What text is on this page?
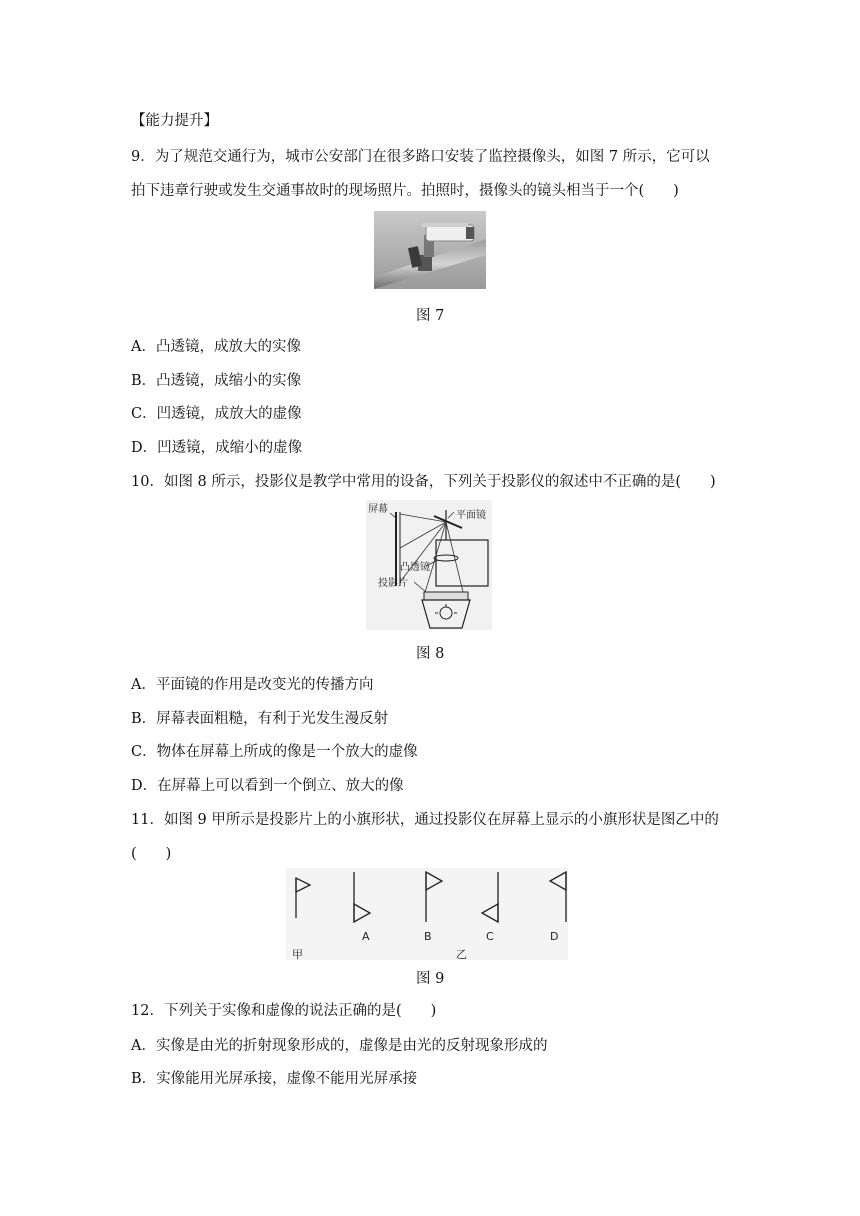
【能力提升】
9．为了规范交通行为，城市公安部门在很多路口安装了监控摄像头，如图 7 所示，它可以
拍下违章行驶或发生交通事故时的现场照片。拍照时，摄像头的镜头相当于一个(　　)
图 7
A．凸透镜，成放大的实像
B．凸透镜，成缩小的实像
C．凹透镜，成放大的虚像
D．凹透镜，成缩小的虚像
10．如图 8 所示，投影仪是教学中常用的设备，下列关于投影仪的叙述中不正确的是(　　)
屏幕
平面镜
凸透镜
投影片
图 8
A．平面镜的作用是改变光的传播方向
B．屏幕表面粗糙，有利于光发生漫反射
C．物体在屏幕上所成的像是一个放大的虚像
D．在屏幕上可以看到一个倒立、放大的像
11．如图 9 甲所示是投影片上的小旗形状，通过投影仪在屏幕上显示的小旗形状是图乙中的
(　　)
A	B	C	D
甲	乙
图 9
12．下列关于实像和虚像的说法正确的是(　　)
A．实像是由光的折射现象形成的，虚像是由光的反射现象形成的
B．实像能用光屏承接，虚像不能用光屏承接
